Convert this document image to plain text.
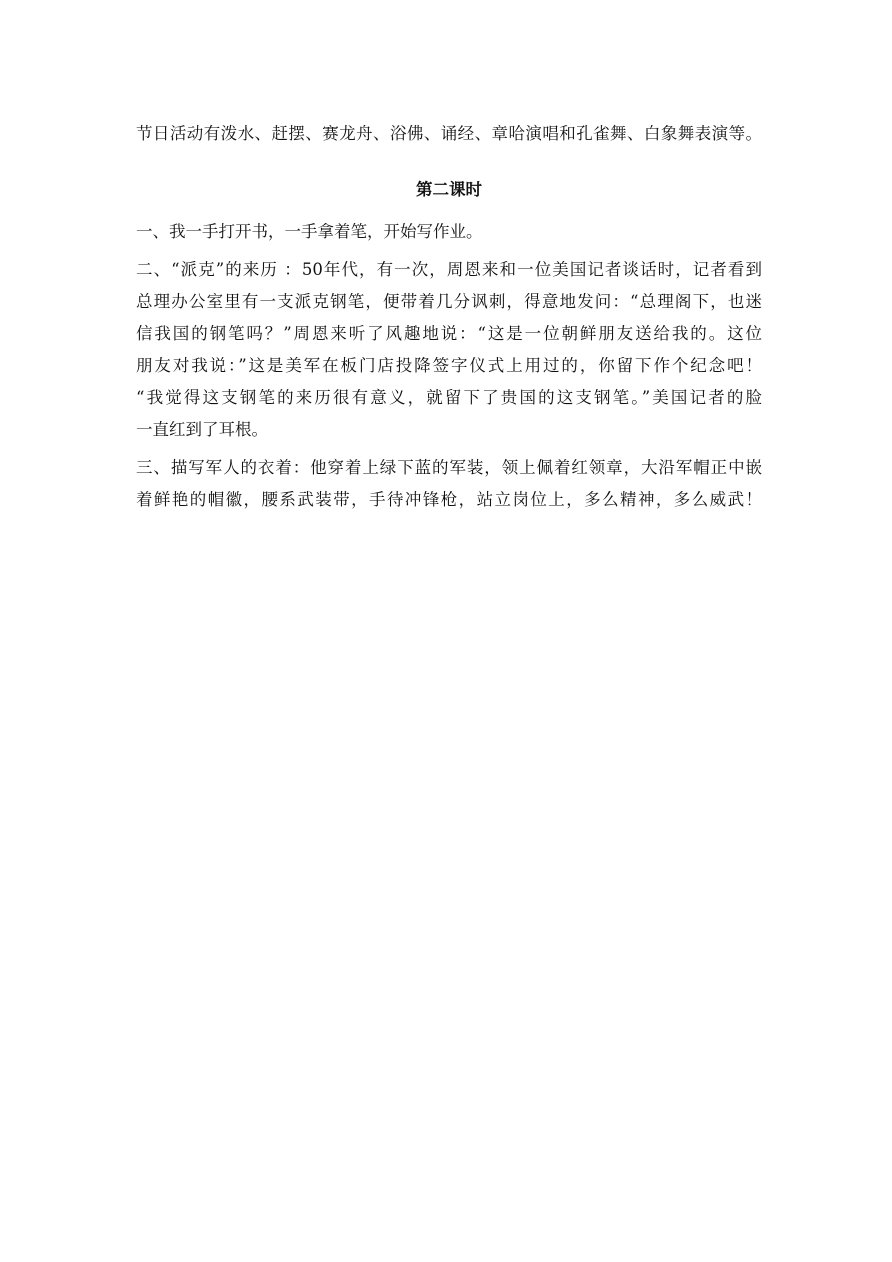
节日活动有泼水、赶摆、赛龙舟、浴佛、诵经、章哈演唱和孔雀舞、白象舞表演等。

第二课时

一、我一手打开书，一手拿着笔，开始写作业。

二、“派克”的来历 ：50年代，有一次，周恩来和一位美国记者谈话时，记者看到

总理办公室里有一支派克钢笔，便带着几分讽刺，得意地发问：“总理阁下，也迷

信我国的钢笔吗？”周恩来听了风趣地说：“这是一位朝鲜朋友送给我的。这位

朋友对我说：”这是美军在板门店投降签字仪式上用过的，你留下作个纪念吧！

“我觉得这支钢笔的来历很有意义，就留下了贵国的这支钢笔。”美国记者的脸

一直红到了耳根。

三、描写军人的衣着：他穿着上绿下蓝的军装，领上佩着红领章，大沿军帽正中嵌

着鲜艳的帽徽，腰系武装带，手待冲锋枪，站立岗位上，多么精神，多么威武！
